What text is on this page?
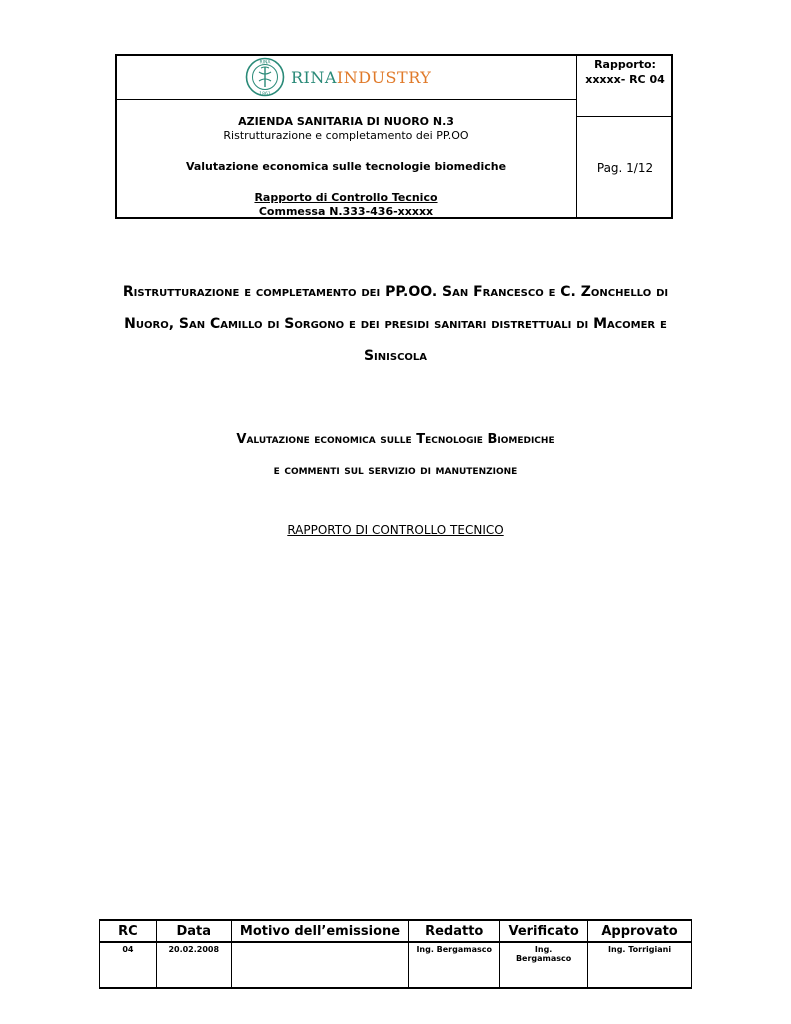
RINA
1861
RINAINDUSTRY
Rapporto:
xxxxx- RC 04
AZIENDA SANITARIA DI NUORO N.3
Ristrutturazione e completamento dei PP.OO
Valutazione economica sulle tecnologie biomediche
Rapporto di Controllo Tecnico
Commessa N.333-436-xxxxx
Pag. 1/12
Ristrutturazione e completamento dei PP.OO. San Francesco e C. Zonchello di
Nuoro, San Camillo di Sorgono e dei presidi sanitari distrettuali di Macomer e
Siniscola
Valutazione economica sulle Tecnologie Biomediche
e commenti sul servizio di manutenzione
RAPPORTO DI CONTROLLO TECNICO
RC	Data	Motivo dell’emissione	Redatto	Verificato	Approvato
04	20.02.2008		Ing. Bergamasco	Ing. Bergamasco	Ing. Torrigiani
